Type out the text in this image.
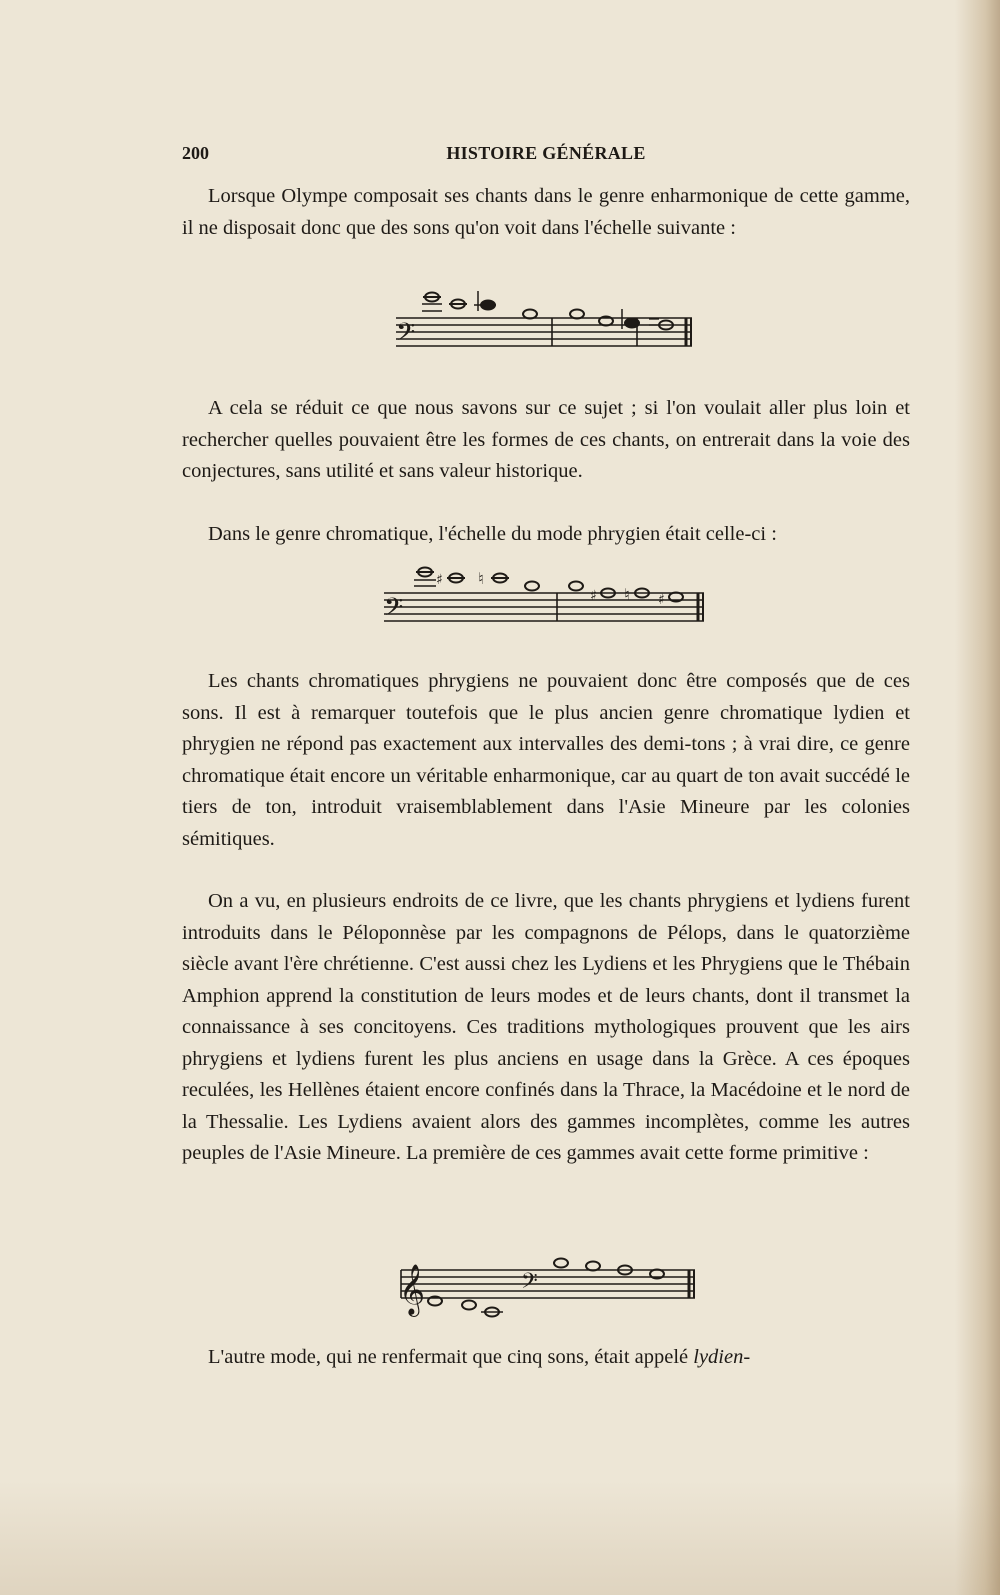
200	HISTOIRE GÉNÉRALE

Lorsque Olympe composait ses chants dans le genre enharmonique de cette gamme, il ne disposait donc que des sons qu'on voit dans l'échelle suivante :

𝄢

A cela se réduit ce que nous savons sur ce sujet ; si l'on voulait aller plus loin et rechercher quelles pouvaient être les formes de ces chants, on entrerait dans la voie des conjectures, sans utilité et sans valeur historique.

Dans le genre chromatique, l'échelle du mode phrygien était celle-ci :

𝄢
♯ ♮
♯ ♮ ♯

Les chants chromatiques phrygiens ne pouvaient donc être composés que de ces sons. Il est à remarquer toutefois que le plus ancien genre chromatique lydien et phrygien ne répond pas exactement aux intervalles des demi-tons ; à vrai dire, ce genre chromatique était encore un véritable enharmonique, car au quart de ton avait succédé le tiers de ton, introduit vraisemblablement dans l'Asie Mineure par les colonies sémitiques.

On a vu, en plusieurs endroits de ce livre, que les chants phrygiens et lydiens furent introduits dans le Péloponnèse par les compagnons de Pélops, dans le quatorzième siècle avant l'ère chrétienne. C'est aussi chez les Lydiens et les Phrygiens que le Thébain Amphion apprend la constitution de leurs modes et de leurs chants, dont il transmet la connaissance à ses concitoyens. Ces traditions mythologiques prouvent que les airs phrygiens et lydiens furent les plus anciens en usage dans la Grèce. A ces époques reculées, les Hellènes étaient encore confinés dans la Thrace, la Macédoine et le nord de la Thessalie. Les Lydiens avaient alors des gammes incomplètes, comme les autres peuples de l'Asie Mineure. La première de ces gammes avait cette forme primitive :

𝄞	𝄢

L'autre mode, qui ne renfermait que cinq sons, était appelé lydien-
